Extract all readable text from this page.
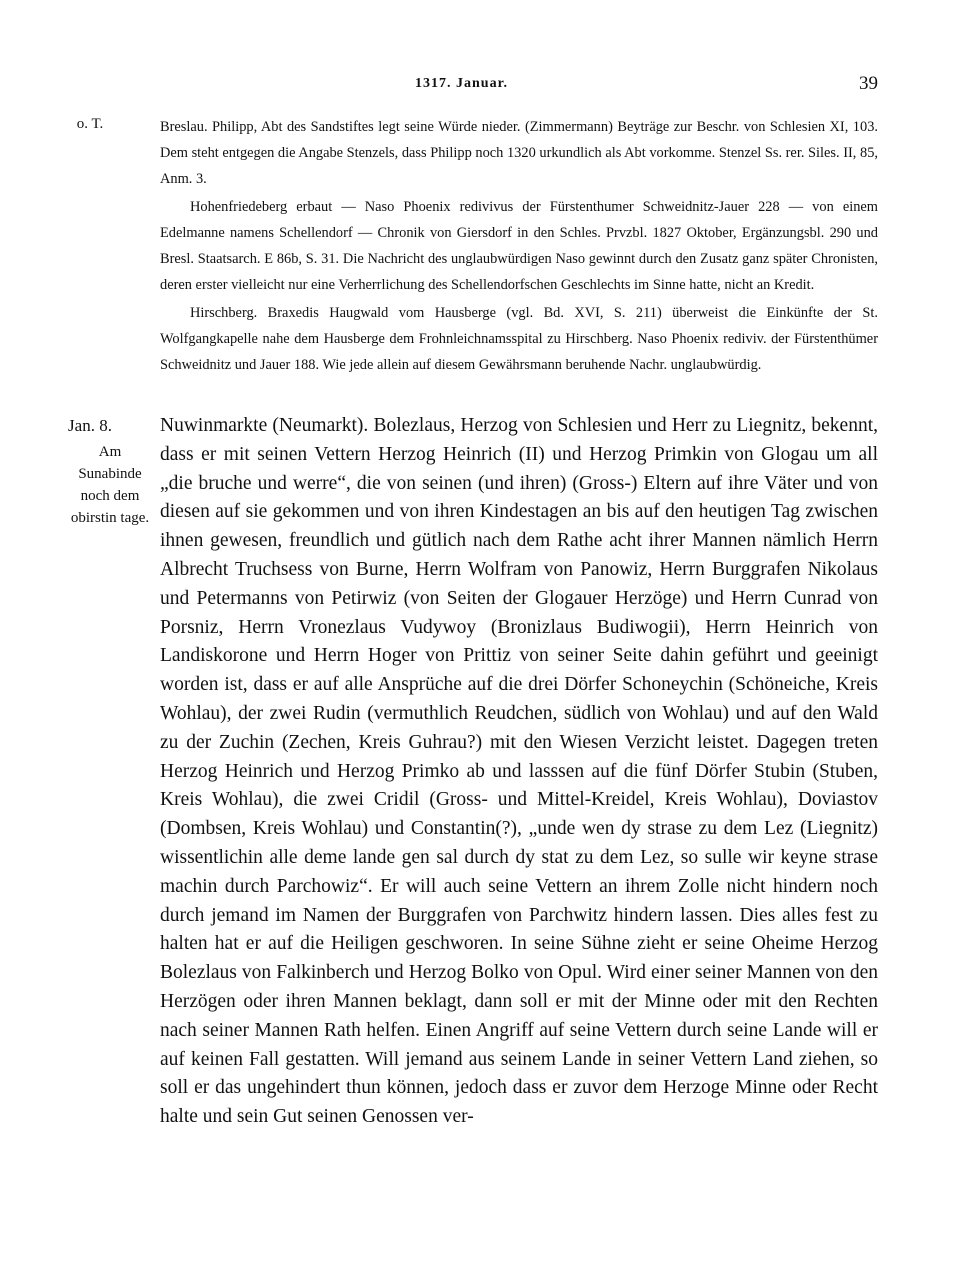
1317. Januar.	39
o. T.	Breslau. Philipp, Abt des Sandstiftes legt seine Würde nieder. (Zimmermann) Beyträge zur Beschr. von Schlesien XI, 103. Dem steht entgegen die Angabe Stenzels, dass Philipp noch 1320 urkundlich als Abt vorkomme. Stenzel Ss. rer. Siles. II, 85, Anm. 3.

Hohenfriedeberg erbaut — Naso Phoenix redivivus der Fürstenthumer Schweidnitz-Jauer 228 — von einem Edelmanne namens Schellendorf — Chronik von Giersdorf in den Schles. Prvzbl. 1827 Oktober, Ergänzungsbl. 290 und Bresl. Staatsarch. E 86b, S. 31. Die Nachricht des unglaubwürdigen Naso gewinnt durch den Zusatz ganz später Chronisten, deren erster vielleicht nur eine Verherrlichung des Schellendorfschen Geschlechts im Sinne hatte, nicht an Kredit.

Hirschberg. Braxedis Haugwald vom Hausberge (vgl. Bd. XVI, S. 211) überweist die Einkünfte der St. Wolfgangkapelle nahe dem Hausberge dem Frohnleichnamsspital zu Hirschberg. Naso Phoenix rediviv. der Fürstenthümer Schweidnitz und Jauer 188. Wie jede allein auf diesem Gewährsmann beruhende Nachr. unglaubwürdig.

Jan. 8.	Nuwinmarkte (Neumarkt). Bolezlaus, Herzog von Schlesien und Herr zu Liegnitz, bekennt, dass er mit seinen Vettern Herzog Heinrich (II) und Herzog Primkin von Glogau um all „die bruche und werre“, die von seinen (und ihren) (Gross-) Eltern auf ihre Väter und von diesen auf sie gekommen und von ihren Kindestagen an bis auf den heutigen Tag zwischen ihnen gewesen, freundlich und gütlich nach dem Rathe acht ihrer Mannen nämlich Herrn Albrecht Truchsess von Burne, Herrn Wolfram von Panowiz, Herrn Burggrafen Nikolaus und Petermanns von Petirwiz (von Seiten der Glogauer Herzöge) und Herrn Cunrad von Porsniz, Herrn Vronezlaus Vudywoy (Bronizlaus Budiwogii), Herrn Heinrich von Landiskorone und Herrn Hoger von Prittiz von seiner Seite dahin geführt und geeinigt worden ist, dass er auf alle Ansprüche auf die drei Dörfer Schoneychin (Schöneiche, Kreis Wohlau), der zwei Rudin (vermuthlich Reudchen, südlich von Wohlau) und auf den Wald zu der Zuchin (Zechen, Kreis Guhrau?) mit den Wiesen Verzicht leistet. Dagegen treten Herzog Heinrich und Herzog Primko ab und lasssen auf die fünf Dörfer Stubin (Stuben, Kreis Wohlau), die zwei Cridil (Gross- und Mittel-Kreidel, Kreis Wohlau), Doviastov (Dombsen, Kreis Wohlau) und Constantin(?), „unde wen dy strase zu dem Lez (Liegnitz) wissentlichin alle deme lande gen sal durch dy stat zu dem Lez, so sulle wir keyne strase machin durch Parchowiz“. Er will auch seine Vettern an ihrem Zolle nicht hindern noch durch jemand im Namen der Burggrafen von Parchwitz hindern lassen. Dies alles fest zu halten hat er auf die Heiligen geschworen. In seine Sühne zieht er seine Oheime Herzog Bolezlaus von Falkinberch und Herzog Bolko von Opul. Wird einer seiner Mannen von den Herzögen oder ihren Mannen beklagt, dann soll er mit der Minne oder mit den Rechten nach seiner Mannen Rath helfen. Einen Angriff auf seine Vettern durch seine Lande will er auf keinen Fall gestatten. Will jemand aus seinem Lande in seiner Vettern Land ziehen, so soll er das ungehindert thun können, jedoch dass er zuvor dem Herzoge Minne oder Recht halte und sein Gut seinen Genossen ver-

Am
Sunabinde
noch dem
obirstin tage.
